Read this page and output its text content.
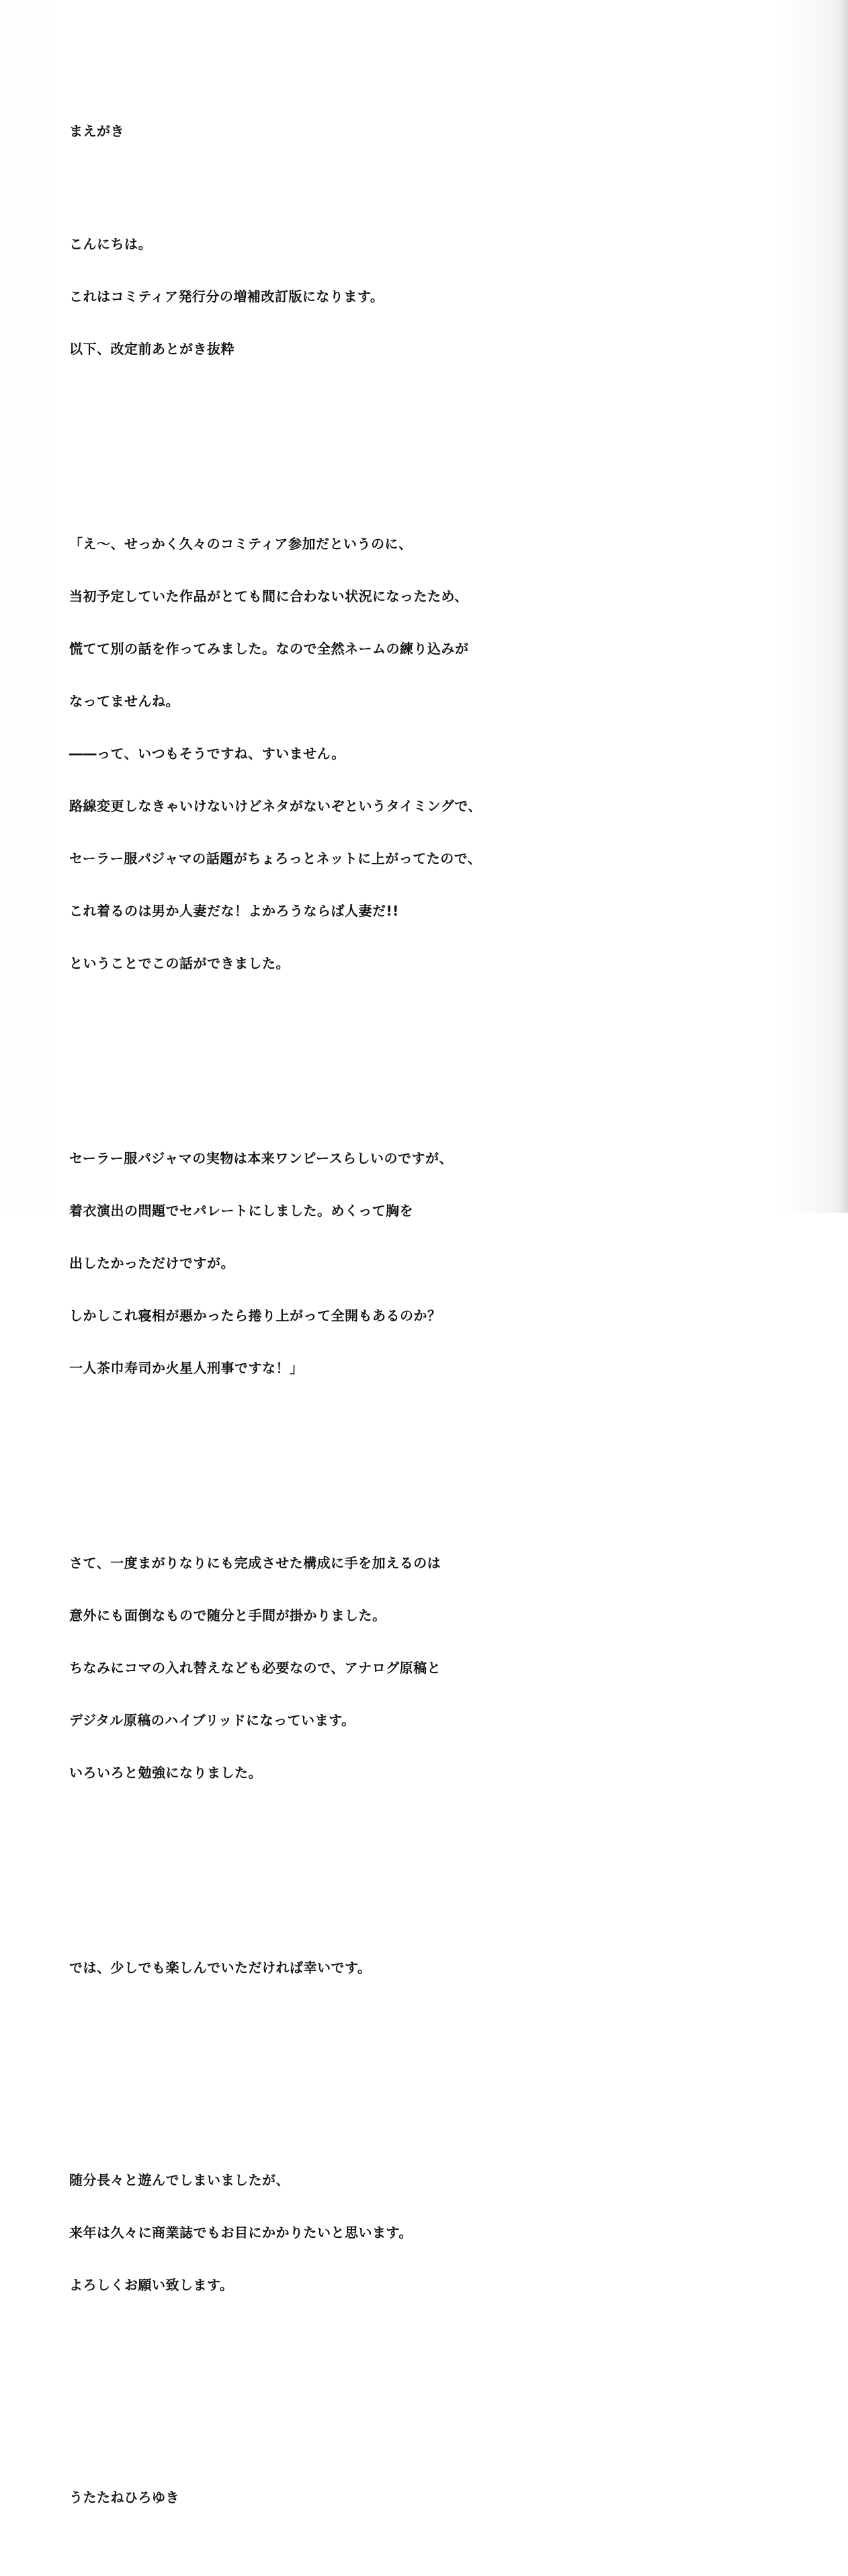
まえがき

こんにちは。

これはコミティア発行分の増補改訂版になります。

以下、改定前あとがき抜粋

「え〜、せっかく久々のコミティア参加だというのに、

当初予定していた作品がとても間に合わない状況になったため、

慌てて別の話を作ってみました。なので全然ネームの練り込みが

なってませんね。

――って、いつもそうですね、すいません。

路線変更しなきゃいけないけどネタがないぞというタイミングで、

セーラー服パジャマの話題がちょろっとネットに上がってたので、

これ着るのは男か人妻だな！よかろうならば人妻だ!!

ということでこの話ができました。

セーラー服パジャマの実物は本来ワンピースらしいのですが、

着衣演出の問題でセパレートにしました。めくって胸を

出したかっただけですが。

しかしこれ寝相が悪かったら捲り上がって全開もあるのか？

一人茶巾寿司か火星人刑事ですな！」

さて、一度まがりなりにも完成させた構成に手を加えるのは

意外にも面倒なもので随分と手間が掛かりました。

ちなみにコマの入れ替えなども必要なので、アナログ原稿と

デジタル原稿のハイブリッドになっています。

いろいろと勉強になりました。

では、少しでも楽しんでいただければ幸いです。

随分長々と遊んでしまいましたが、

来年は久々に商業誌でもお目にかかりたいと思います。

よろしくお願い致します。

うたたねひろゆき
